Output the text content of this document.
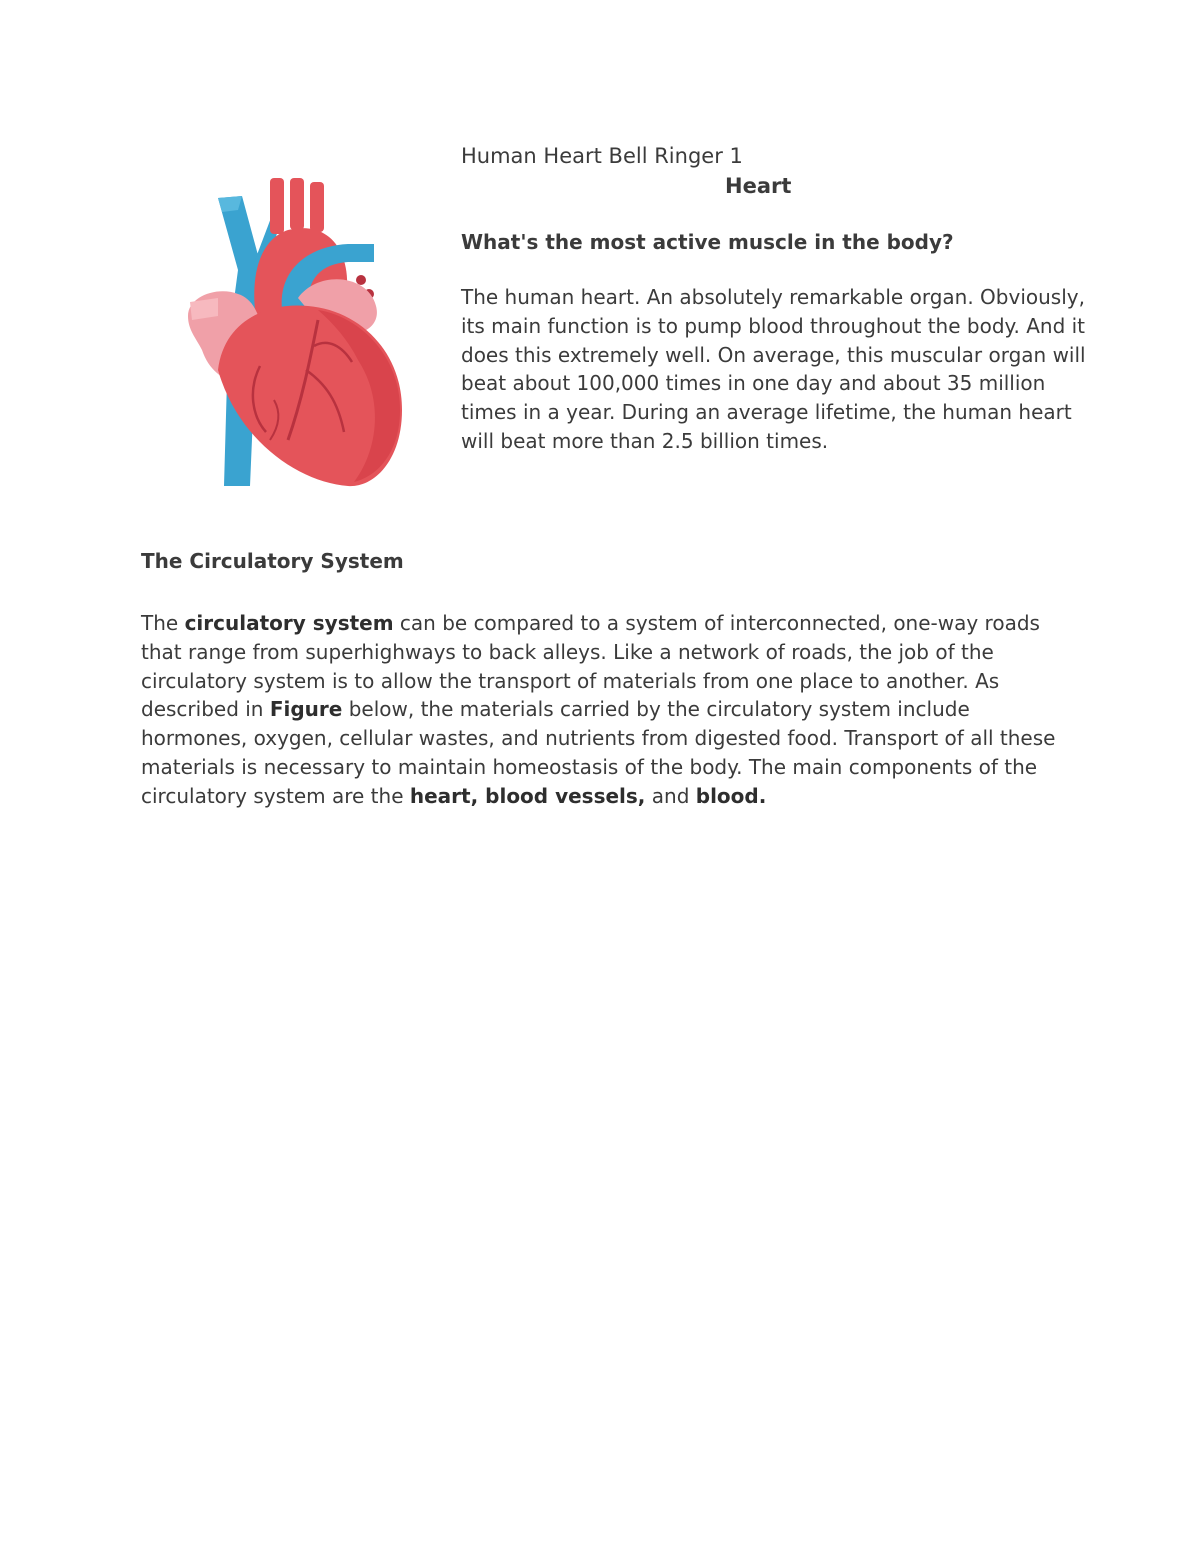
Human Heart Bell Ringer 1

Heart

What's the most active muscle in the body?

The human heart. An absolutely remarkable organ. Obviously, its main function is to pump blood throughout the body. And it does this extremely well. On average, this muscular organ will beat about 100,000 times in one day and about 35 million times in a year. During an average lifetime, the human heart will beat more than 2.5 billion times.

The Circulatory System

The circulatory system can be compared to a system of interconnected, one-way roads that range from superhighways to back alleys. Like a network of roads, the job of the circulatory system is to allow the transport of materials from one place to another. As described in Figure below, the materials carried by the circulatory system include hormones, oxygen, cellular wastes, and nutrients from digested food. Transport of all these materials is necessary to maintain homeostasis of the body. The main components of the circulatory system are the heart, blood vessels, and blood.
